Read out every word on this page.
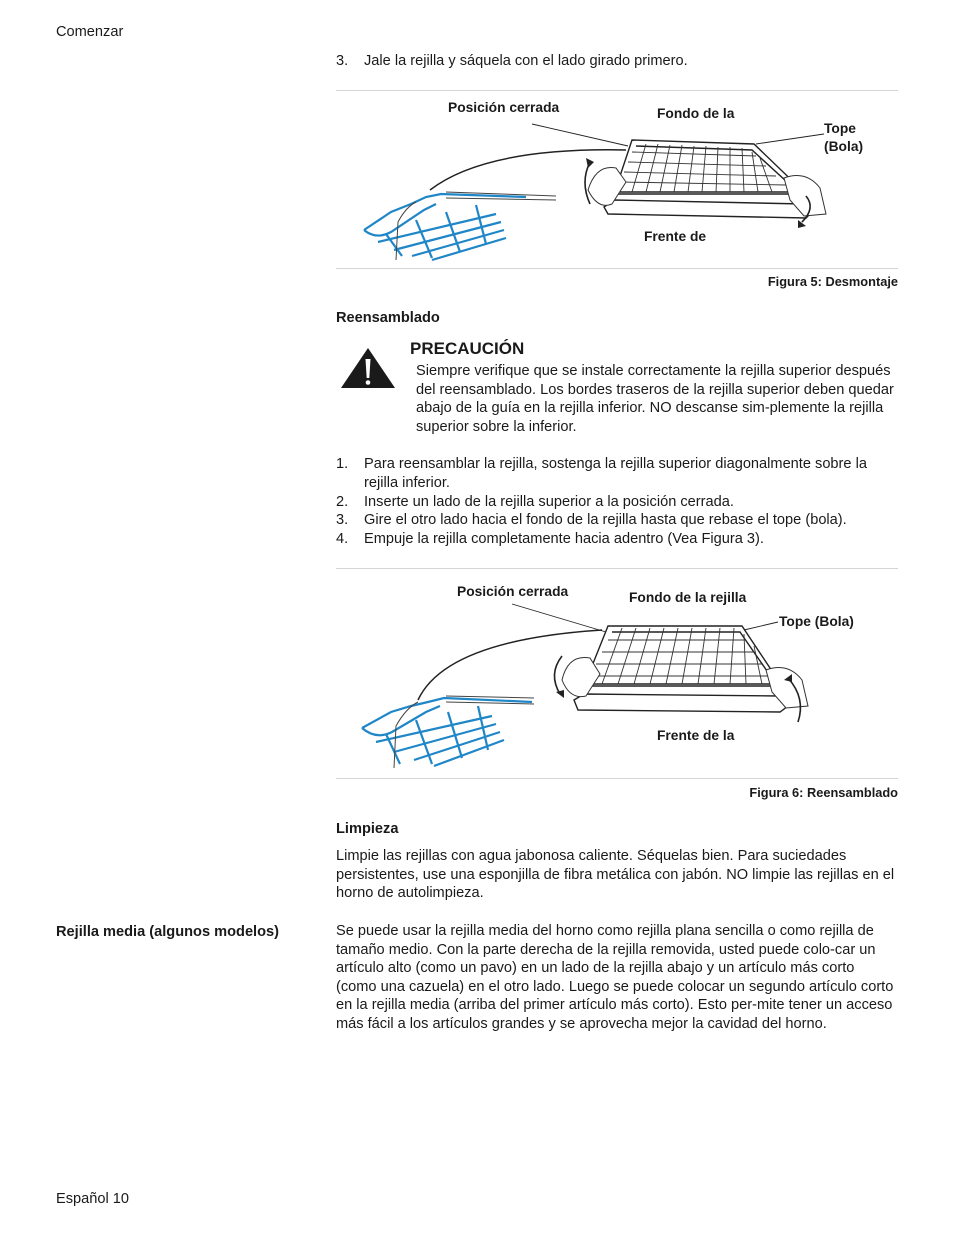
Comenzar
Español 10
3. Jale la rejilla y sáquela con el lado girado primero.
Posición cerrada	Fondo de la
Tope
(Bola)
Frente de
Figura 5: Desmontaje
Reensamblado
PRECAUCIÓN
Siempre verifique que se instale correctamente la rejilla superior después del reensamblado. Los bordes traseros de la rejilla superior deben quedar abajo de la guía en la rejilla inferior. NO descanse sim-plemente la rejilla superior sobre la inferior.
1. Para reensamblar la rejilla, sostenga la rejilla superior diagonalmente sobre la rejilla inferior.
2. Inserte un lado de la rejilla superior a la posición cerrada.
3. Gire el otro lado hacia el fondo de la rejilla hasta que rebase el tope (bola).
4. Empuje la rejilla completamente hacia adentro (Vea Figura 3).
Posición cerrada	Fondo de la rejilla
Tope (Bola)
Frente de la
Figura 6: Reensamblado
Limpieza
Limpie las rejillas con agua jabonosa caliente. Séquelas bien. Para suciedades persistentes, use una esponjilla de fibra metálica con jabón. NO limpie las rejillas en el horno de autolimpieza.
Rejilla media (algunos modelos)	Se puede usar la rejilla media del horno como rejilla plana sencilla o como rejilla de tamaño medio. Con la parte derecha de la rejilla removida, usted puede colo-car un artículo alto (como un pavo) en un lado de la rejilla abajo y un artículo más corto (como una cazuela) en el otro lado. Luego se puede colocar un segundo artículo corto en la rejilla media (arriba del primer artículo más corto). Esto per-mite tener un acceso más fácil a los artículos grandes y se aprovecha mejor la cavidad del horno.
